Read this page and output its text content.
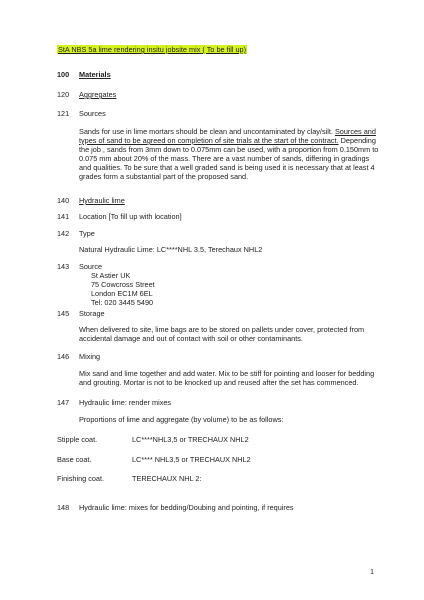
StA NBS 5a lime rendering insitu jobsite mix ( To be fill up)
100 Materials
120 Aggregates
121 Sources
Sands for use in lime mortars should be clean and uncontaminated by clay/silt. Sources and types of sand to be agreed on completion of site trials at the start of the contract. Depending the job , sands from 3mm down to 0.075mm can be used, with a proportion from 0.150mm to 0.075 mm about 20% of the mass. There are a vast number of sands, differing in gradings and qualities. To be sure that a well graded sand is being used it is necessary that at least 4 grades form a substantial part of the proposed sand.
140 Hydraulic lime
141 Location [To fill up with location]
142 Type
Natural Hydraulic Lime: LC****NHL 3.5, Terechaux NHL2
143 Source
St Astier UK
75 Cowcross Street
London EC1M 6EL
Tel: 020 3445 5490
145 Storage
When delivered to site, lime bags are to be stored on pallets under cover, protected from accidental damage and out of contact with soil or other contaminants.
146 Mixing
Mix sand and lime together and add water. Mix to be stiff for pointing and looser for bedding and grouting. Mortar is not to be knocked up and reused after the set has commenced.
147 Hydraulic lime: render mixes
Proportions of lime and aggregate (by volume) to be as follows:
Stipple coat.	LC****NHL3,5 or TRECHAUX NHL2
Base coat.	LC**** NHL3,5 or TRECHAUX NHL2
Finishing coat.	TERECHAUX NHL 2:
148 Hydraulic lime: mixes for bedding/Doubing and pointing, if requires
1
